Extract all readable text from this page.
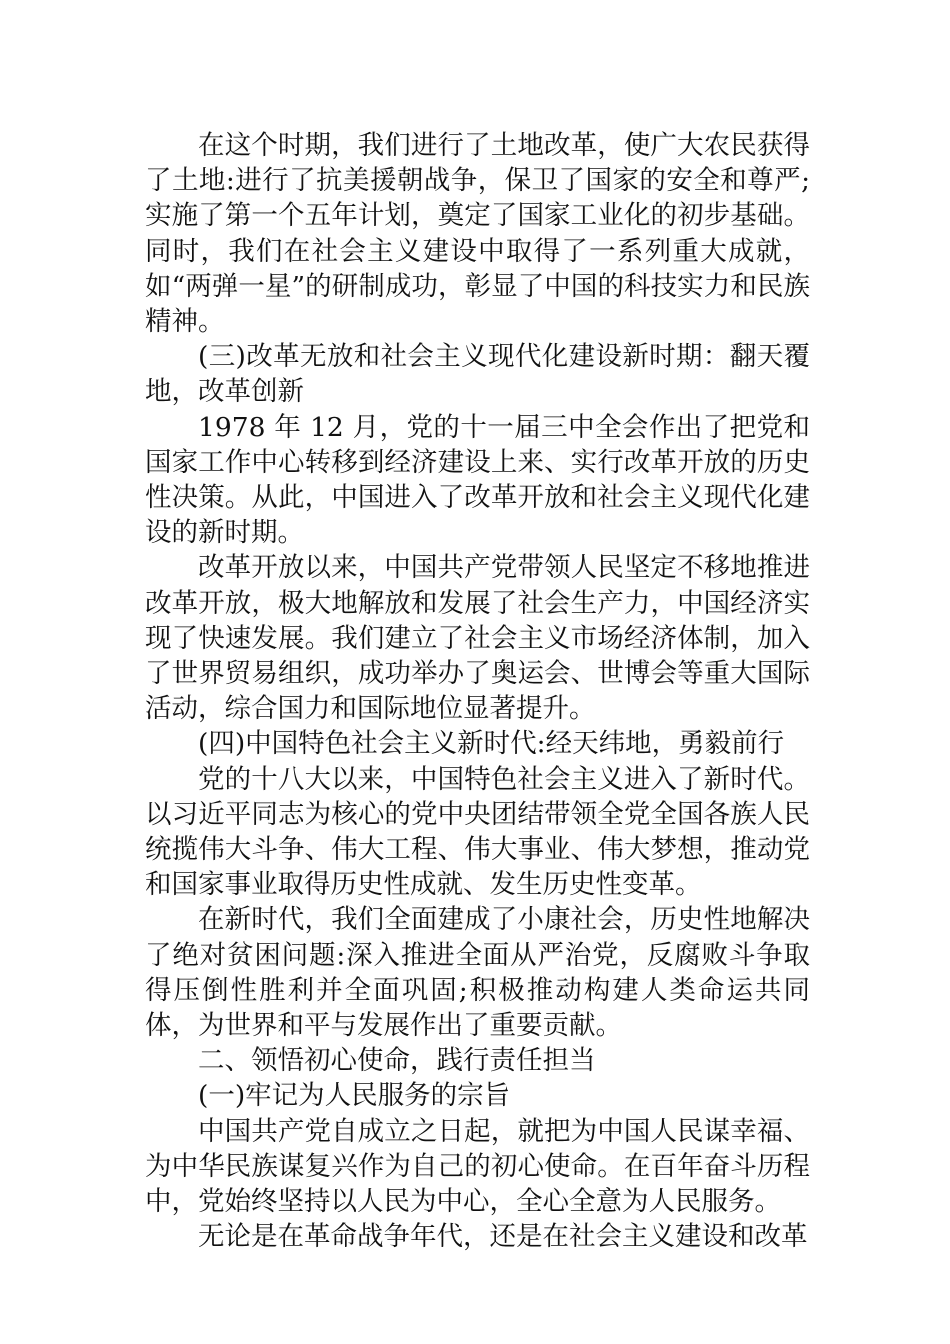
在这个时期，我们进行了土地改革，使广大农民获得了土地:进行了抗美援朝战争，保卫了国家的安全和尊严;实施了第一个五年计划，奠定了国家工业化的初步基础。同时，我们在社会主义建设中取得了一系列重大成就，如“两弹一星”的研制成功，彰显了中国的科技实力和民族精神。

(三)改革无放和社会主义现代化建设新时期：翻天覆地，改革创新

1978 年 12 月，党的十一届三中全会作出了把党和国家工作中心转移到经济建设上来、实行改革开放的历史性决策。从此，中国进入了改革开放和社会主义现代化建设的新时期。

改革开放以来，中国共产党带领人民坚定不移地推进改革开放，极大地解放和发展了社会生产力，中国经济实现了快速发展。我们建立了社会主义市场经济体制，加入了世界贸易组织，成功举办了奥运会、世博会等重大国际活动，综合国力和国际地位显著提升。

(四)中国特色社会主义新时代:经天纬地，勇毅前行

党的十八大以来，中国特色社会主义进入了新时代。以习近平同志为核心的党中央团结带领全党全国各族人民统揽伟大斗争、伟大工程、伟大事业、伟大梦想，推动党和国家事业取得历史性成就、发生历史性变革。

在新时代，我们全面建成了小康社会，历史性地解决了绝对贫困问题:深入推进全面从严治党，反腐败斗争取得压倒性胜利并全面巩固;积极推动构建人类命运共同体，为世界和平与发展作出了重要贡献。

二、领悟初心使命，践行责任担当

(一)牢记为人民服务的宗旨

中国共产党自成立之日起，就把为中国人民谋幸福、为中华民族谋复兴作为自己的初心使命。在百年奋斗历程中，党始终坚持以人民为中心，全心全意为人民服务。

无论是在革命战争年代，还是在社会主义建设和改革
